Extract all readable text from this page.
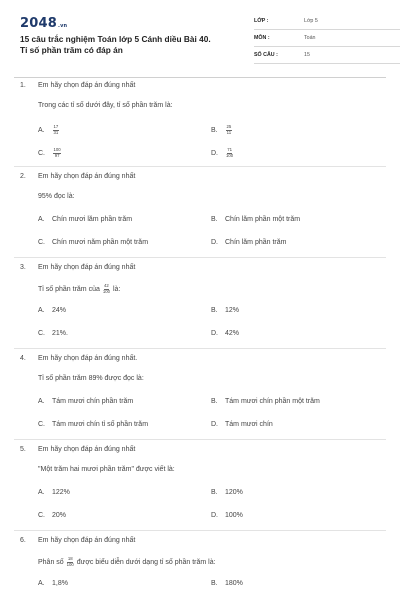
2048.vn
15 câu trắc nghiệm Toán lớp 5 Cánh diều Bài 40. Tỉ số phần trăm có đáp án
LỚP :	Lớp 5
MÔN :	Toán
SỐ CÂU :	15
1. Em hãy chọn đáp án đúng nhất
Trong các tỉ số dưới đây, tỉ số phần trăm là:
A. $\frac{17}{31}$	B. $\frac{25}{11}$
C. $\frac{100}{97}$	D. $\frac{71}{100}$
2. Em hãy chọn đáp án đúng nhất
95% đọc là:
A. Chín mươi lăm phần trăm	B. Chín lăm phần một trăm
C. Chín mươi năm phần một trăm	D. Chín lăm phần trăm
3. Em hãy chọn đáp án đúng nhất
Tỉ số phần trăm của $\frac{42}{100}$ là:
A. 24%	B. 12%
C. 21%.	D. 42%
4. Em hãy chọn đáp án đúng nhất.
Tỉ số phần trăm 89% được đọc là:
A. Tám mươi chín phần trăm	B. Tám mươi chín phần một trăm
C. Tám mươi chín tỉ số phần trăm	D. Tám mươi chín
5. Em hãy chọn đáp án đúng nhất
"Một trăm hai mươi phần trăm" được viết là:
A. 122%	B. 120%
C. 20%	D. 100%
6. Em hãy chọn đáp án đúng nhất
Phân số $\frac{18}{100}$ được biểu diễn dưới dạng tỉ số phần trăm là:
A. 1,8%	B. 180%
